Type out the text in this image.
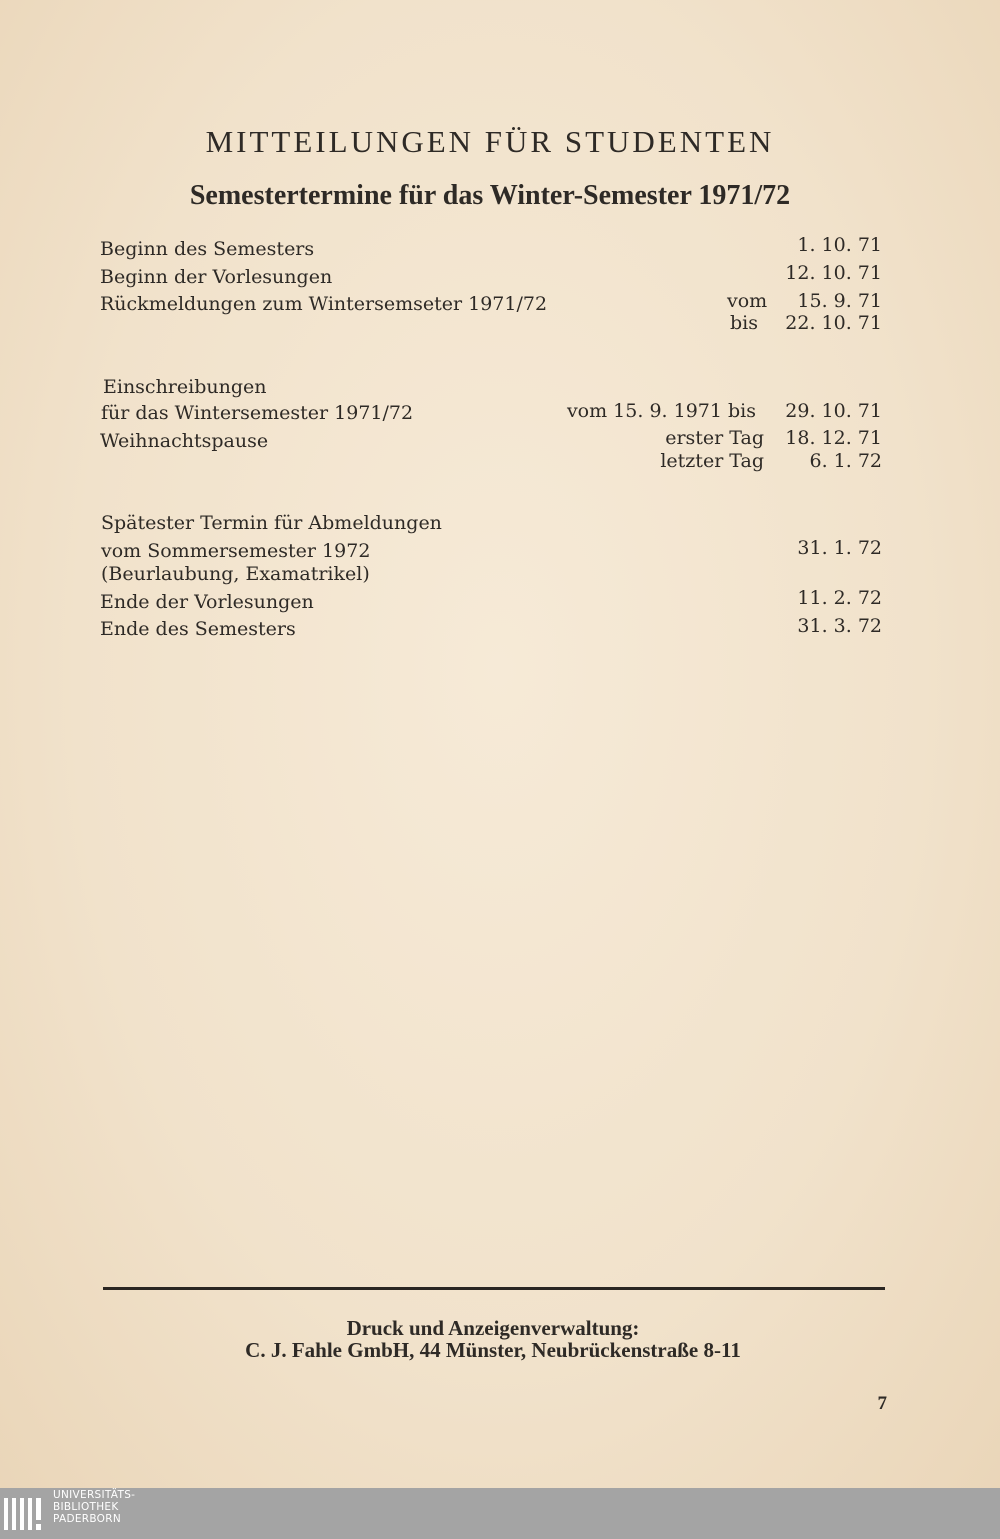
MITTEILUNGEN FÜR STUDENTEN
Semestertermine für das Winter-Semester 1971/72
Beginn des Semesters	1. 10. 71
Beginn der Vorlesungen	12. 10. 71
Rückmeldungen zum Wintersemseter 1971/72	vom 15. 9. 71
bis 22. 10. 71
Einschreibungen
für das Wintersemester 1971/72	vom 15. 9. 1971 bis 29. 10. 71
Weihnachtspause	erster Tag 18. 12. 71
letzter Tag 6. 1. 72
Spätester Termin für Abmeldungen
vom Sommersemester 1972
(Beurlaubung, Examatrikel)
31. 1. 72
Ende der Vorlesungen	11. 2. 72
Ende des Semesters	31. 3. 72
Druck und Anzeigenverwaltung:
C. J. Fahle GmbH, 44 Münster, Neubrückenstraße 8-11
7
UNIVERSITÄTS-
BIBLIOTHEK
PADERBORN
